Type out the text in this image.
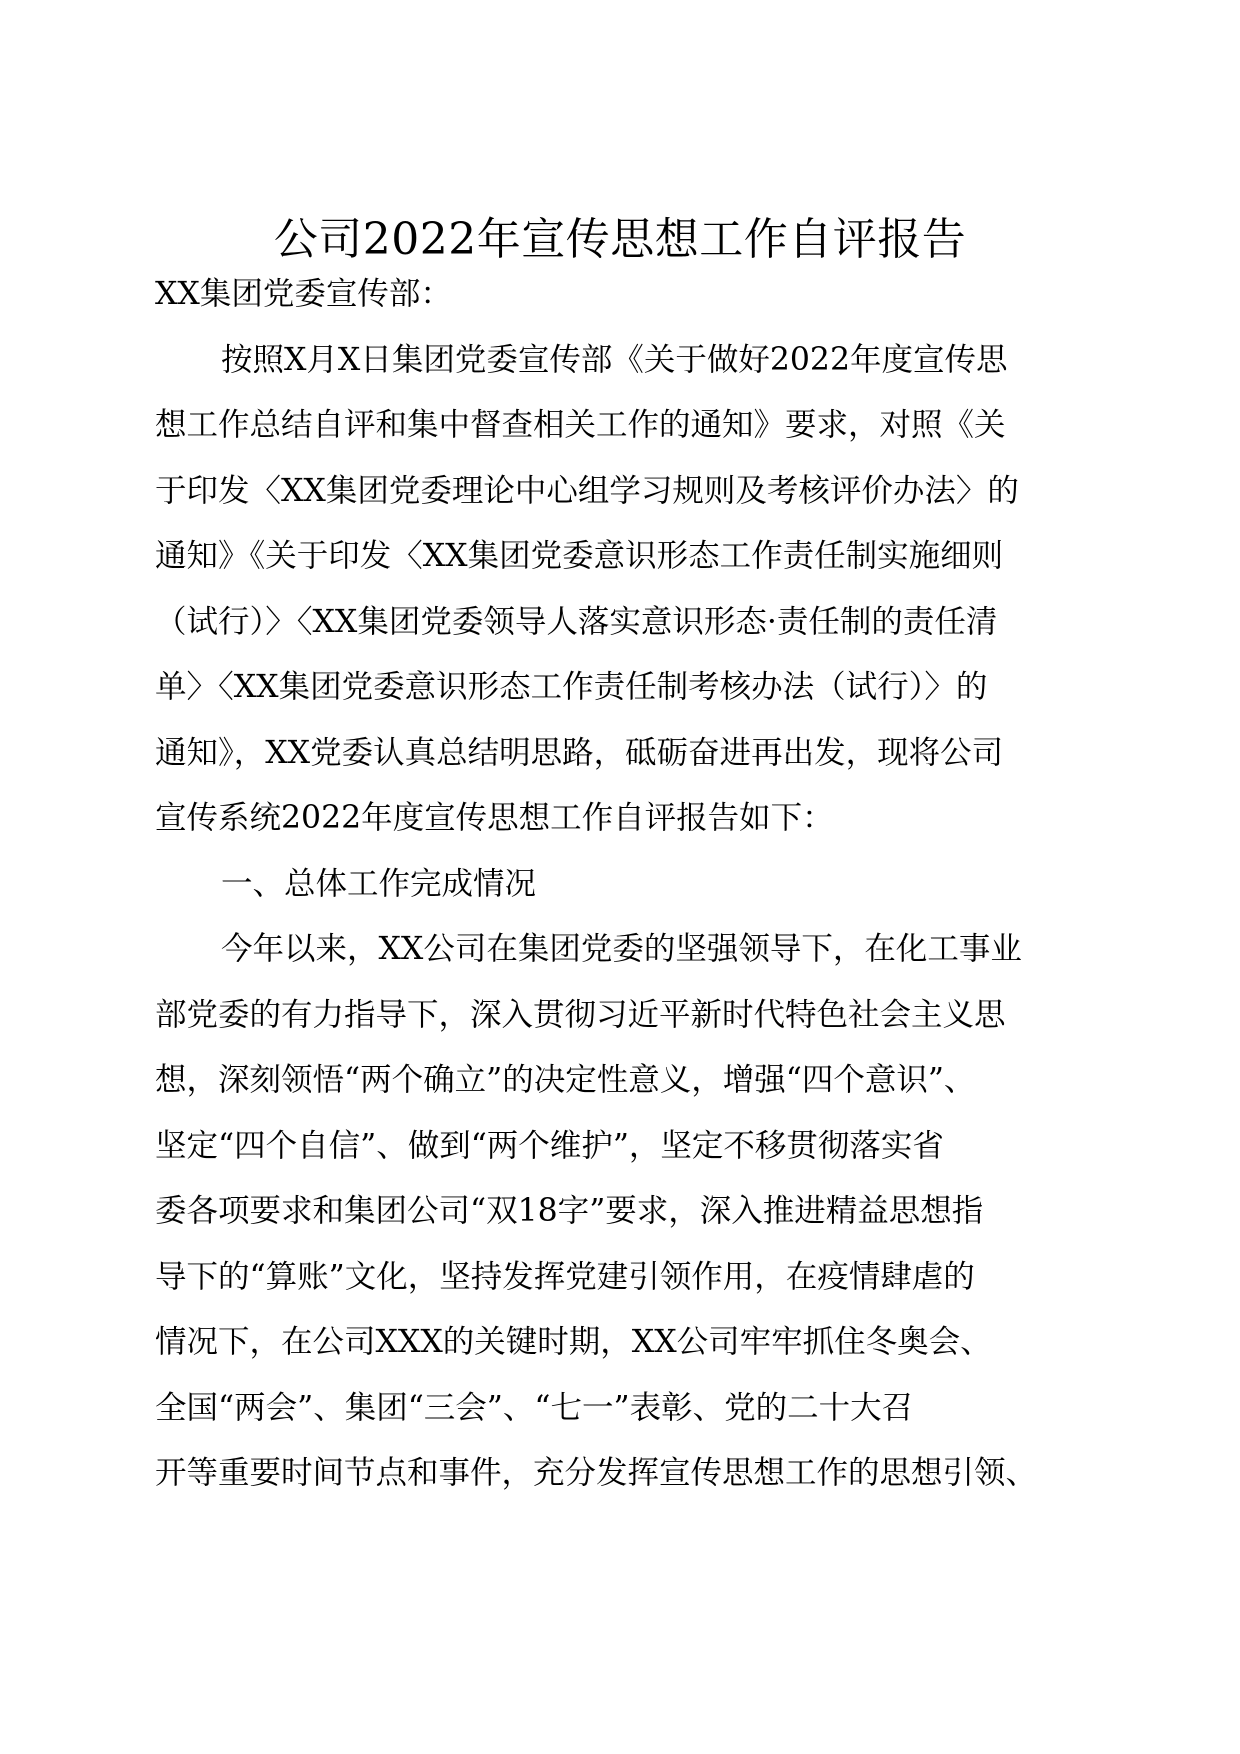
公司2022年宣传思想工作自评报告
XX集团党委宣传部：
按照X月X日集团党委宣传部《关于做好2022年度宣传思
想工作总结自评和集中督查相关工作的通知》要求，对照《关
于印发〈XX集团党委理论中心组学习规则及考核评价办法〉的
通知》《关于印发〈XX集团党委意识形态工作责任制实施细则
（试行）〉〈XX集团党委领导人落实意识形态·责任制的责任清
单〉〈XX集团党委意识形态工作责任制考核办法（试行）〉的
通知》，XX党委认真总结明思路，砥砺奋进再出发，现将公司
宣传系统2022年度宣传思想工作自评报告如下：
一、总体工作完成情况
今年以来，XX公司在集团党委的坚强领导下，在化工事业
部党委的有力指导下，深入贯彻习近平新时代特色社会主义思
想，深刻领悟“两个确立”的决定性意义，增强“四个意识”、
坚定“四个自信”、做到“两个维护”，坚定不移贯彻落实省
委各项要求和集团公司“双18字”要求，深入推进精益思想指
导下的“算账”文化，坚持发挥党建引领作用，在疫情肆虐的
情况下，在公司XXX的关键时期，XX公司牢牢抓住冬奥会、
全国“两会”、集团“三会”、“七一”表彰、党的二十大召
开等重要时间节点和事件，充分发挥宣传思想工作的思想引领、
